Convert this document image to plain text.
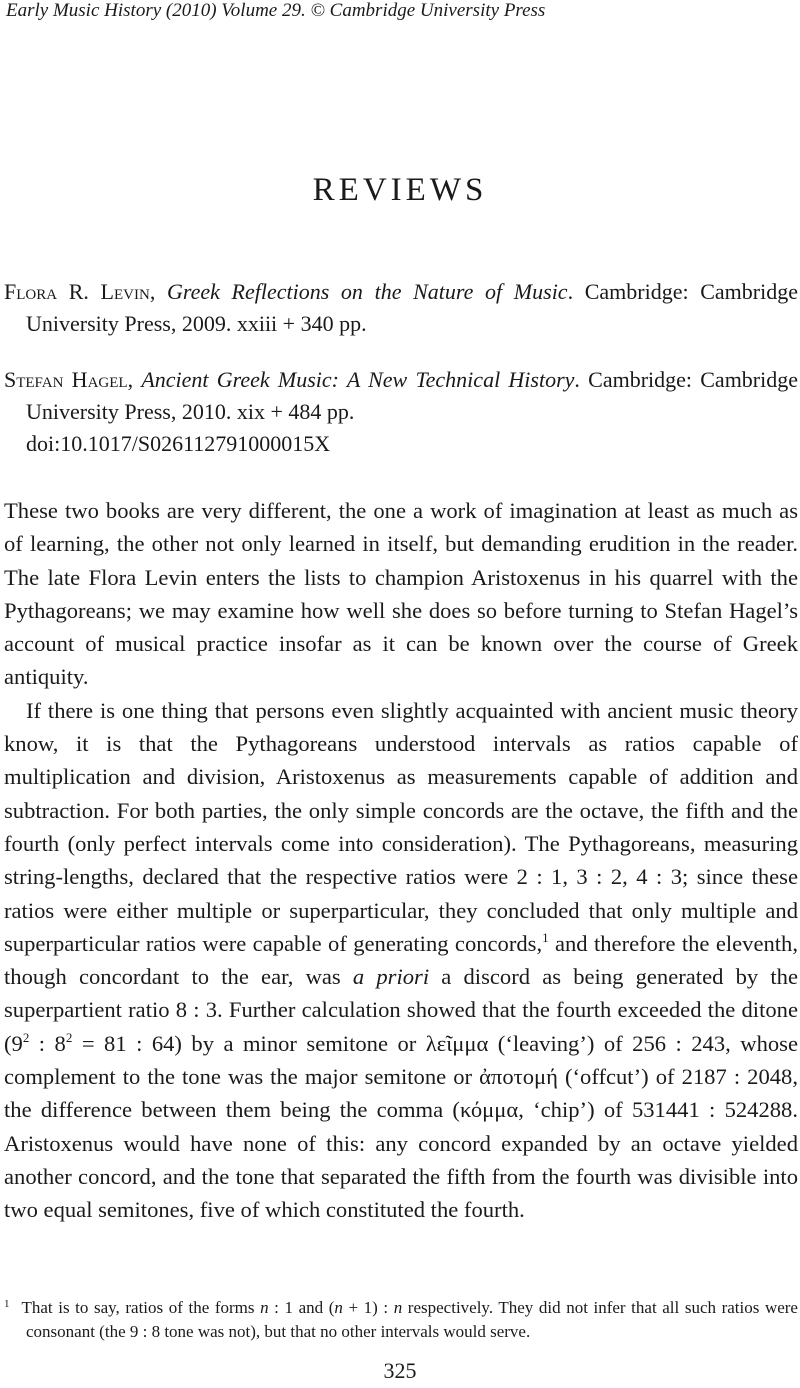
Early Music History (2010) Volume 29. © Cambridge University Press
REVIEWS
Flora R. Levin, Greek Reflections on the Nature of Music. Cambridge: Cambridge University Press, 2009. xxiii + 340 pp.
Stefan Hagel, Ancient Greek Music: A New Technical History. Cambridge: Cambridge University Press, 2010. xix + 484 pp.
doi:10.1017/S026112791000015X

These two books are very different, the one a work of imagination at least as much as of learning, the other not only learned in itself, but demanding erudition in the reader. The late Flora Levin enters the lists to champion Aristoxenus in his quarrel with the Pythagoreans; we may examine how well she does so before turning to Stefan Hagel’s account of musical practice insofar as it can be known over the course of Greek antiquity.

If there is one thing that persons even slightly acquainted with ancient music theory know, it is that the Pythagoreans understood intervals as ratios capable of multiplication and division, Aristoxenus as measurements capable of addition and subtraction. For both parties, the only simple concords are the octave, the fifth and the fourth (only perfect intervals come into consideration). The Pythagoreans, measuring string-lengths, declared that the respective ratios were 2 : 1, 3 : 2, 4 : 3; since these ratios were either multiple or superparticular, they concluded that only multiple and superparticular ratios were capable of generating concords,$^1$ and therefore the eleventh, though concordant to the ear, was a priori a discord as being generated by the superpartient ratio 8 : 3. Further calculation showed that the fourth exceeded the ditone ($9^2$ : $8^2 = 81$ : 64) by a minor semitone or λεῖμμα (‘leaving’) of 256 : 243, whose complement to the tone was the major semitone or ἀποτομή (‘offcut’) of 2187 : 2048, the difference between them being the comma (κόμμα, ‘chip’) of 531441 : 524288. Aristoxenus would have none of this: any concord expanded by an octave yielded another concord, and the tone that separated the fifth from the fourth was divisible into two equal semitones, five of which constituted the fourth.

$^1$ That is to say, ratios of the forms n : 1 and (n + 1) : n respectively. They did not infer that all such ratios were consonant (the 9 : 8 tone was not), but that no other intervals would serve.
325
